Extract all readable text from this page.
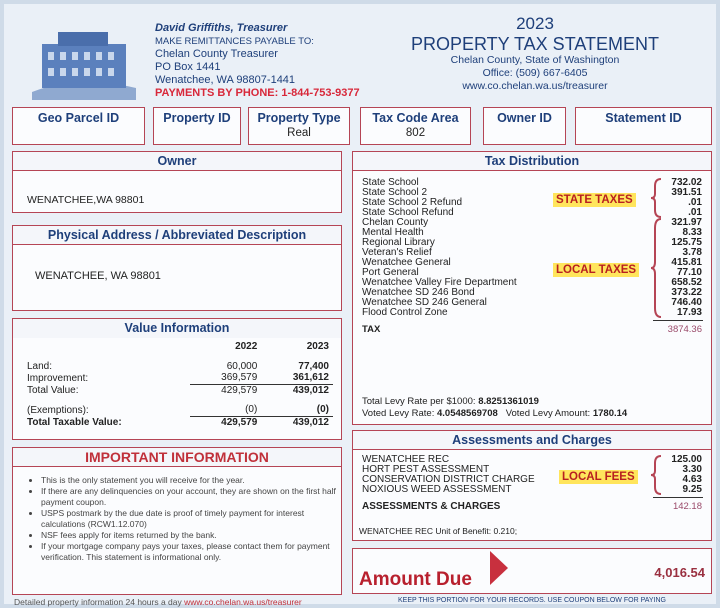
David Griffiths, Treasurer
MAKE REMITTANCES PAYABLE TO:
Chelan County Treasurer
PO Box 1441
Wenatchee, WA 98807-1441
PAYMENTS BY PHONE: 1-844-753-9377
2023
PROPERTY TAX STATEMENT
Chelan County, State of Washington
Office: (509) 667-6405
www.co.chelan.wa.us/treasurer
Geo Parcel ID	Property ID	Property Type
Real
Tax Code Area
802
Owner ID	Statement ID
Owner
WENATCHEE,WA 98801
Physical Address / Abbreviated Description
WENATCHEE, WA 98801
Value Information
	2022	2023

Land:	60,000	77,400
Improvement:	369,579	361,612
Total Value:	429,579	439,012

(Exemptions):	(0)	(0)
Total Taxable Value:	429,579	439,012
IMPORTANT INFORMATION
• This is the only statement you will receive for the year.
• If there are any delinquencies on your account, they are shown on the first half payment coupon.
• USPS postmark by the due date is proof of timely payment for interest calculations (RCW1.12.070)
• NSF fees apply for items returned by the bank.
• If your mortgage company pays your taxes, please contact them for payment verification. This statement is informational only.
Detailed property information 24 hours a day www.co.chelan.wa.us/treasurer
Tax Distribution
State School	732.02
State School 2	391.51
State School 2 Refund	.01
State School Refund	.01
Chelan County	321.97
Mental Health	8.33
Regional Library	125.75
Veteran's Relief	3.78
Wenatchee General	415.81
Port General	77.10
Wenatchee Valley Fire Department	658.52
Wenatchee SD 246 Bond	373.22
Wenatchee SD 246 General	746.40
Flood Control Zone	17.93
STATE TAXES
LOCAL TAXES
TAX	3874.36
Total Levy Rate per $1000: 8.8251361019
Voted Levy Rate: 4.0548569708 Voted Levy Amount: 1780.14
Assessments and Charges
WENATCHEE REC	125.00
HORT PEST ASSESSMENT	3.30
CONSERVATION DISTRICT CHARGE	4.63
NOXIOUS WEED ASSESSMENT	9.25
LOCAL FEES
ASSESSMENTS & CHARGES	142.18
WENATCHEE REC Unit of Benefit: 0.210;
Amount Due	4,016.54
KEEP THIS PORTION FOR YOUR RECORDS. USE COUPON BELOW FOR PAYING
